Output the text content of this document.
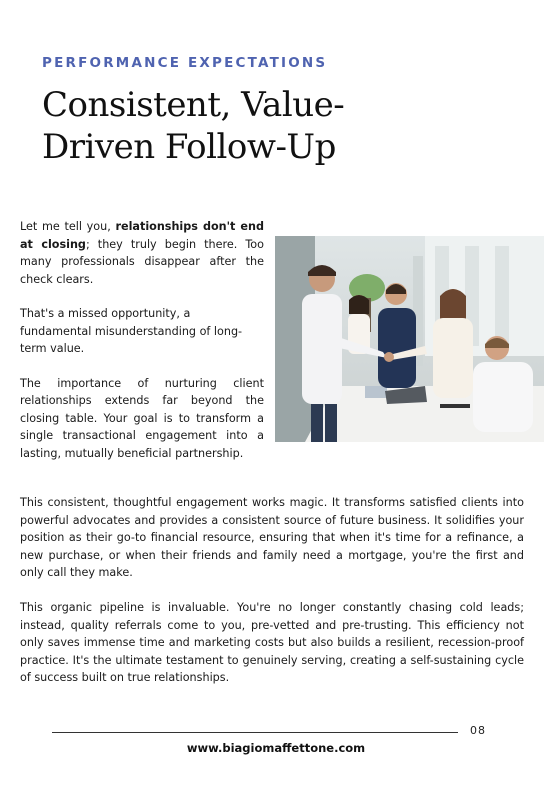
PERFORMANCE EXPECTATIONS
Consistent, Value-Driven Follow-Up

Let me tell you, relationships don't end at closing; they truly begin there. Too many professionals disappear after the check clears.

That's a missed opportunity, a fundamental misunderstanding of long-term value.

The importance of nurturing client relationships extends far beyond the closing table. Your goal is to transform a single transactional engagement into a lasting, mutually beneficial partnership.

This consistent, thoughtful engagement works magic. It transforms satisfied clients into powerful advocates and provides a consistent source of future business. It solidifies your position as their go-to financial resource, ensuring that when it's time for a refinance, a new purchase, or when their friends and family need a mortgage, you're the first and only call they make.

This organic pipeline is invaluable. You're no longer constantly chasing cold leads; instead, quality referrals come to you, pre-vetted and pre-trusting. This efficiency not only saves immense time and marketing costs but also builds a resilient, recession-proof practice. It's the ultimate testament to genuinely serving, creating a self-sustaining cycle of success built on true relationships.

08
www.biagiomaffettone.com
